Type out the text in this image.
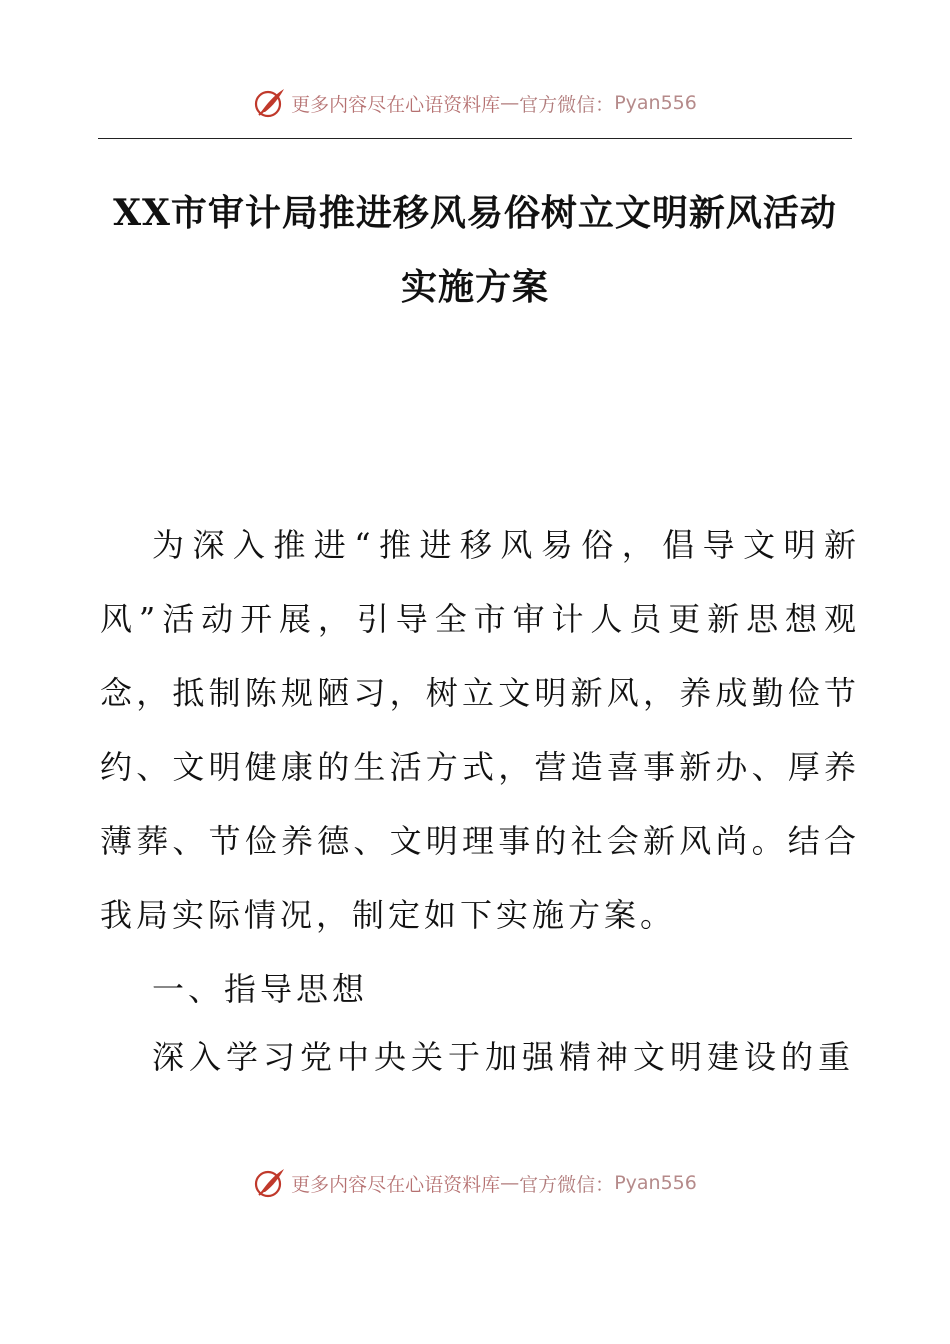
更多内容尽在心语资料库 — 官方微信： Pyan556
XX市审计局推进移风易俗树立文明新风活动实施方案

为深入推进“推进移风易俗，倡导文明新风”活动开展，引导全市审计人员更新思想观念，抵制陈规陋习，树立文明新风，养成勤俭节约、文明健康的生活方式，营造喜事新办、厚养薄葬、节俭养德、文明理事的社会新风尚。结合我局实际情况，制定如下实施方案。

一、指导思想

深入学习党中央关于加强精神文明建设的重

更多内容尽在心语资料库 — 官方微信： Pyan556
